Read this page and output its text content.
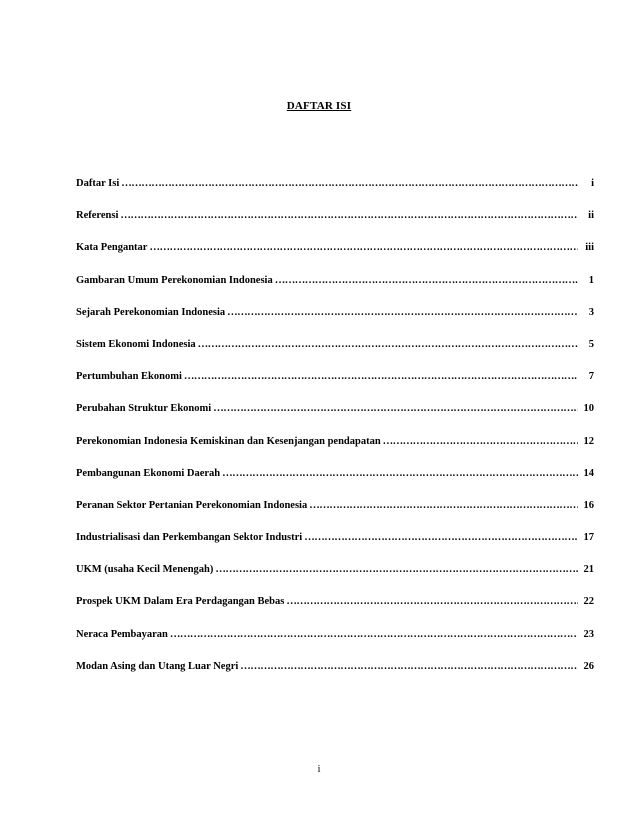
DAFTAR ISI
Daftar Isi …………………………………………………………………………………………………………………………………………………………………………………………………………	i
Referensi …………………………………………………………………………………………………………………………………………………………………………………………………………	ii
Kata Pengantar …………………………………………………………………………………………………………………………………………………………………………………………………………	iii
Gambaran Umum Perekonomian Indonesia …………………………………………………………………………………………………………………………………………………………………………………………………………	1
Sejarah Perekonomian Indonesia …………………………………………………………………………………………………………………………………………………………………………………………………………	3
Sistem Ekonomi Indonesia …………………………………………………………………………………………………………………………………………………………………………………………………………	5
Pertumbuhan Ekonomi …………………………………………………………………………………………………………………………………………………………………………………………………………	7
Perubahan Struktur Ekonomi …………………………………………………………………………………………………………………………………………………………………………………………………………	10
Perekonomian Indonesia Kemiskinan dan Kesenjangan pendapatan …………………………………………………………………………………………………………………………………………………………………………………………………………	12
Pembangunan Ekonomi Daerah …………………………………………………………………………………………………………………………………………………………………………………………………………	14
Peranan Sektor Pertanian Perekonomian Indonesia …………………………………………………………………………………………………………………………………………………………………………………………………………	16
Industrialisasi dan Perkembangan Sektor Industri …………………………………………………………………………………………………………………………………………………………………………………………………………	17
UKM (usaha Kecil Menengah) …………………………………………………………………………………………………………………………………………………………………………………………………………	21
Prospek UKM Dalam Era Perdagangan Bebas …………………………………………………………………………………………………………………………………………………………………………………………………………	22
Neraca Pembayaran …………………………………………………………………………………………………………………………………………………………………………………………………………	23
Modan Asing dan Utang Luar Negri …………………………………………………………………………………………………………………………………………………………………………………………………………	26
i
